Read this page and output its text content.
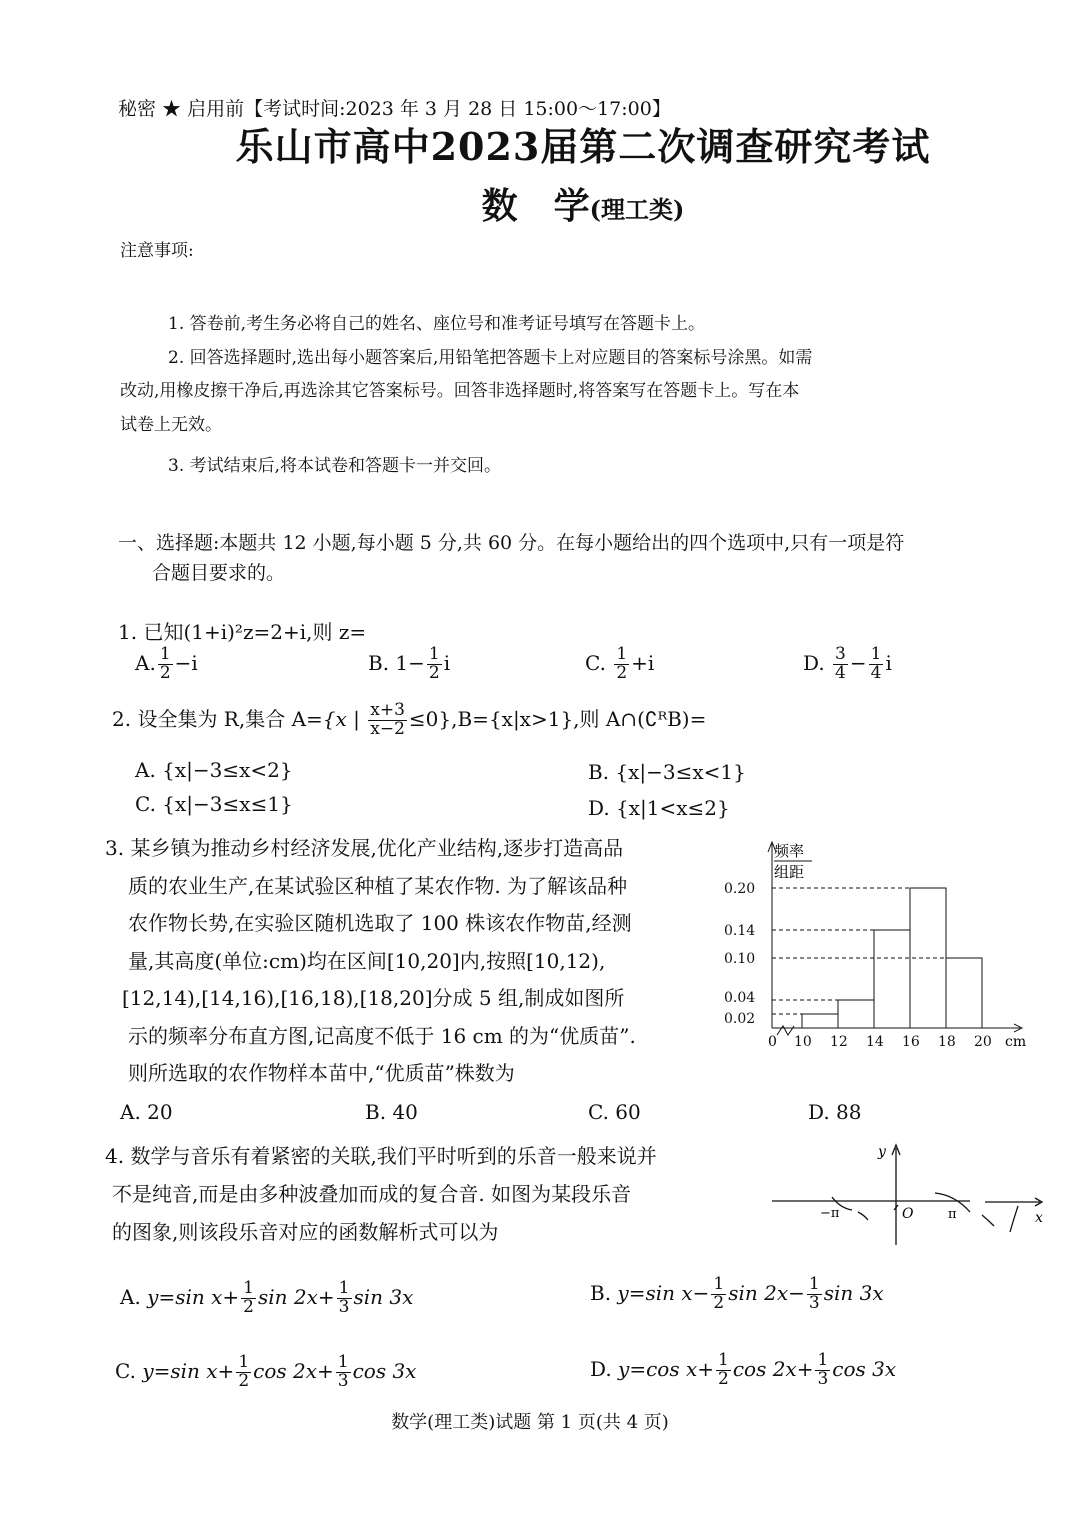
秘密 ★ 启用前【考试时间:2023 年 3 月 28 日 15:00～17:00】
乐山市高中2023届第二次调查研究考试
数　学(理工类)
注意事项:
1. 答卷前,考生务必将自己的姓名、座位号和准考证号填写在答题卡上。
2. 回答选择题时,选出每小题答案后,用铅笔把答题卡上对应题目的答案标号涂黑。如需
改动,用橡皮擦干净后,再选涂其它答案标号。回答非选择题时,将答案写在答题卡上。写在本
试卷上无效。
3. 考试结束后,将本试卷和答题卡一并交回。
一、选择题:本题共 12 小题,每小题 5 分,共 60 分。在每小题给出的四个选项中,只有一项是符
合题目要求的。
1. 已知(1+i)²z=2+i,则 z=
A. $\frac{1}{2} -i$	B. $1- \frac{1}{2}$ i	C. $\frac{1}{2} +i$	D. $\frac{3}{4} - \frac{1}{4}$ i
2. 设全集为 R,集合 A={x | $\frac{x+3}{x-2} \le 0\},B=\{x|x>1\}$,则 A∩(∁ᴿB)=
A. {x|−3≤x<2}	B. {x|−3≤x<1}
C. {x|−3≤x≤1}	D. {x|1<x≤2}
3. 某乡镇为推动乡村经济发展,优化产业结构,逐步打造高品
质的农业生产,在某试验区种植了某农作物. 为了解该品种
农作物长势,在实验区随机选取了 100 株该农作物苗,经测
量,其高度(单位:cm)均在区间[10,20]内,按照[10,12),
[12,14),[14,16),[16,18),[18,20]分成 5 组,制成如图所
示的频率分布直方图,记高度不低于 16 cm 的为“优质苗”.
则所选取的农作物样本苗中,“优质苗”株数为
A. 20	B. 40	C. 60	D. 88
0.02
0.04
0.10
0.14
0.20
10 12 14 16 18 20
频率
组距
0	cm
4. 数学与音乐有着紧密的关联,我们平时听到的乐音一般来说并
不是纯音,而是由多种波叠加而成的复合音. 如图为某段乐音
的图象,则该段乐音对应的函数解析式可以为
y
x
O
−π	π
A. y=sin $x+ \frac{1}{2}$ $\sin 2x+ \frac{1}{3}$ sin 3x	B. y=sin $x- \frac{1}{2}$ $\sin 2x- \frac{1}{3}$ sin 3x
C. y=sin $x+ \frac{1}{2}$ $\cos 2x+ \frac{1}{3}$ cos 3x	D. y=cos $x+ \frac{1}{2}$ $\cos 2x+ \frac{1}{3}$ cos 3x
数学(理工类)试题 第 1 页(共 4 页)
